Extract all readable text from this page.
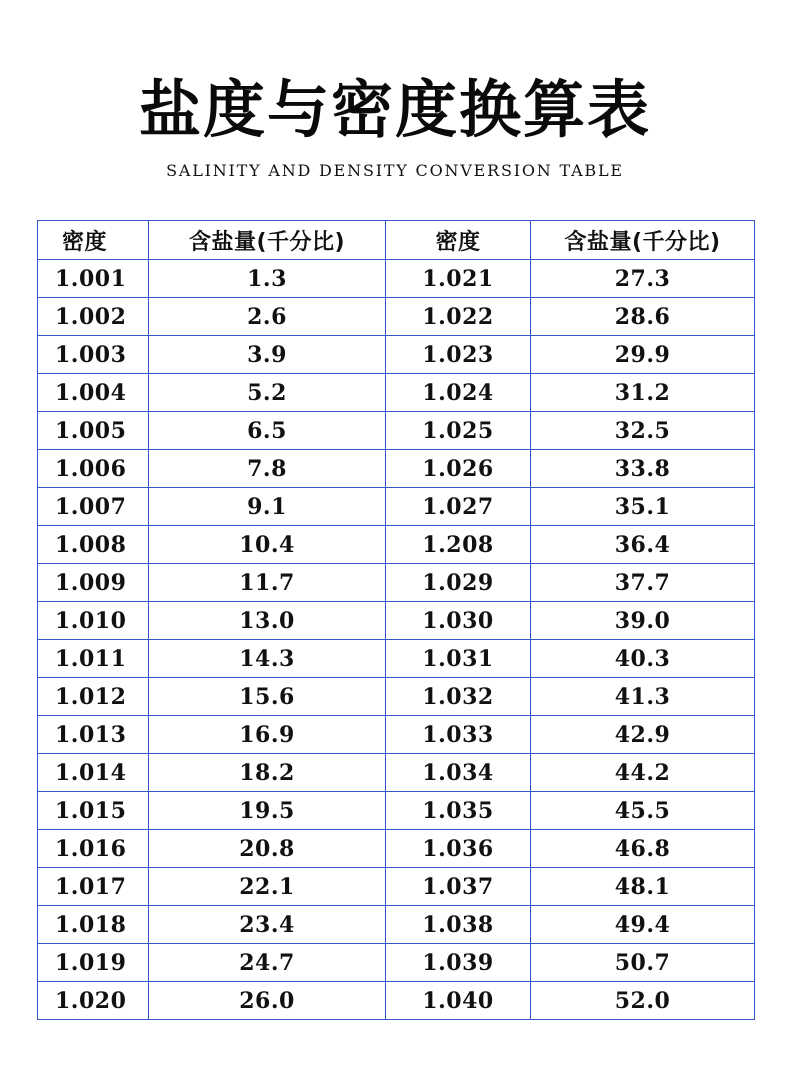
盐度与密度换算表
SALINITY AND DENSITY CONVERSION TABLE
密度	含盐量(千分比)	密度	含盐量(千分比)
1.001	1.3	1.021	27.3
1.002	2.6	1.022	28.6
1.003	3.9	1.023	29.9
1.004	5.2	1.024	31.2
1.005	6.5	1.025	32.5
1.006	7.8	1.026	33.8
1.007	9.1	1.027	35.1
1.008	10.4	1.208	36.4
1.009	11.7	1.029	37.7
1.010	13.0	1.030	39.0
1.011	14.3	1.031	40.3
1.012	15.6	1.032	41.3
1.013	16.9	1.033	42.9
1.014	18.2	1.034	44.2
1.015	19.5	1.035	45.5
1.016	20.8	1.036	46.8
1.017	22.1	1.037	48.1
1.018	23.4	1.038	49.4
1.019	24.7	1.039	50.7
1.020	26.0	1.040	52.0
